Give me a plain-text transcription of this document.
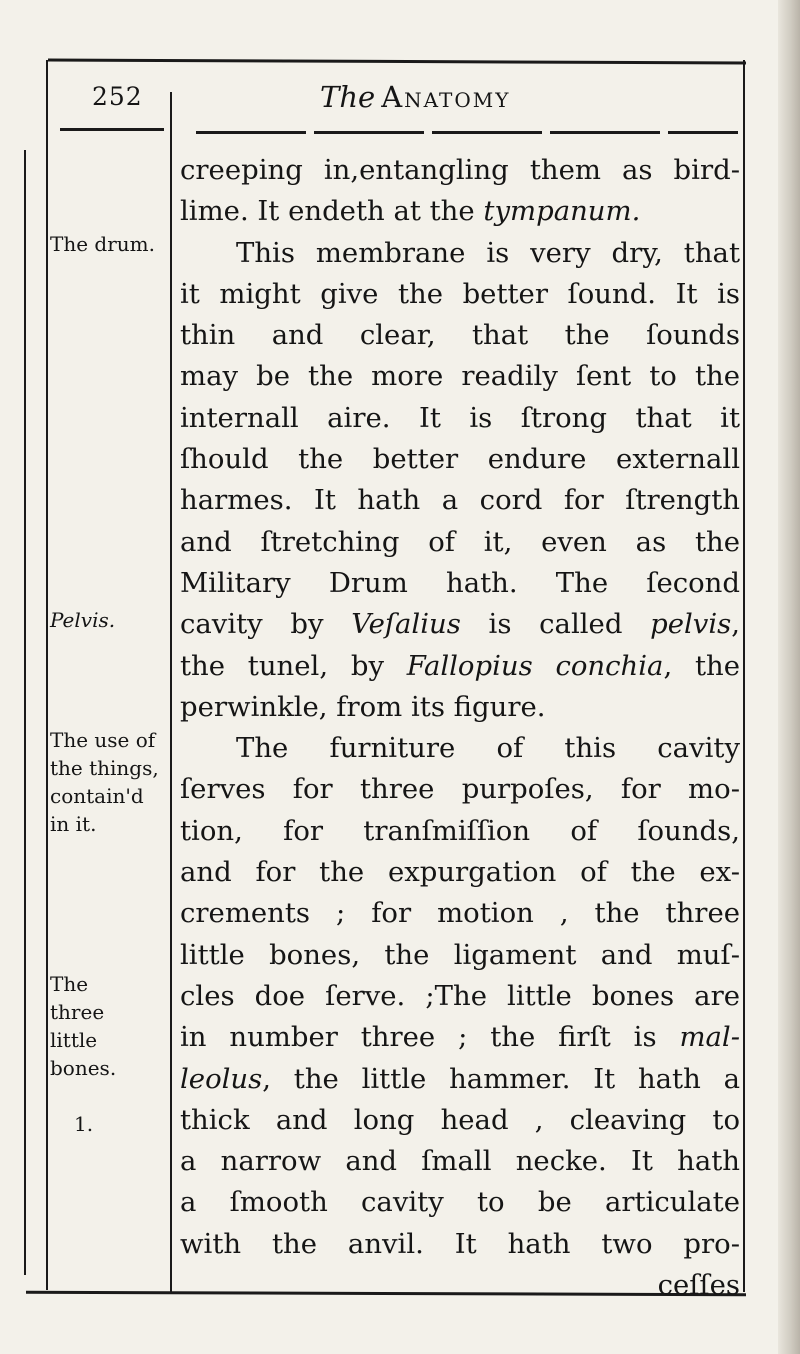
252	The Anatomy
The drum.
Pelvis.
The use of the things, contain'd in it.
The three little bones.
1.
creeping in,entangling them as bird-
lime. It endeth at the tympanum.
This membrane is very dry, that
it might give the better ſound. It is
thin and clear, that the ſounds
may be the more readily ſent to the
internall aire. It is ſtrong that it
ſhould the better endure externall
harmes. It hath a cord for ſtrength
and ſtretching of it, even as the
Military Drum hath. The ſecond
cavity by Veſalius is called pelvis,
the tunel, by Fallopius conchia, the
perwinkle, from its figure.
The furniture of this cavity
ſerves for three purpoſes, for mo-
tion, for tranſmiſſion of ſounds,
and for the expurgation of the ex-
crements ; for motion , the three
little bones, the ligament and muſ-
cles doe ſerve. ;The little bones are
in number three ; the firſt is mal-
leolus, the little hammer. It hath a
thick and long head , cleaving to
a narrow and ſmall necke. It hath
a ſmooth cavity to be articulate
with the anvil. It hath two pro-
ceſſes
